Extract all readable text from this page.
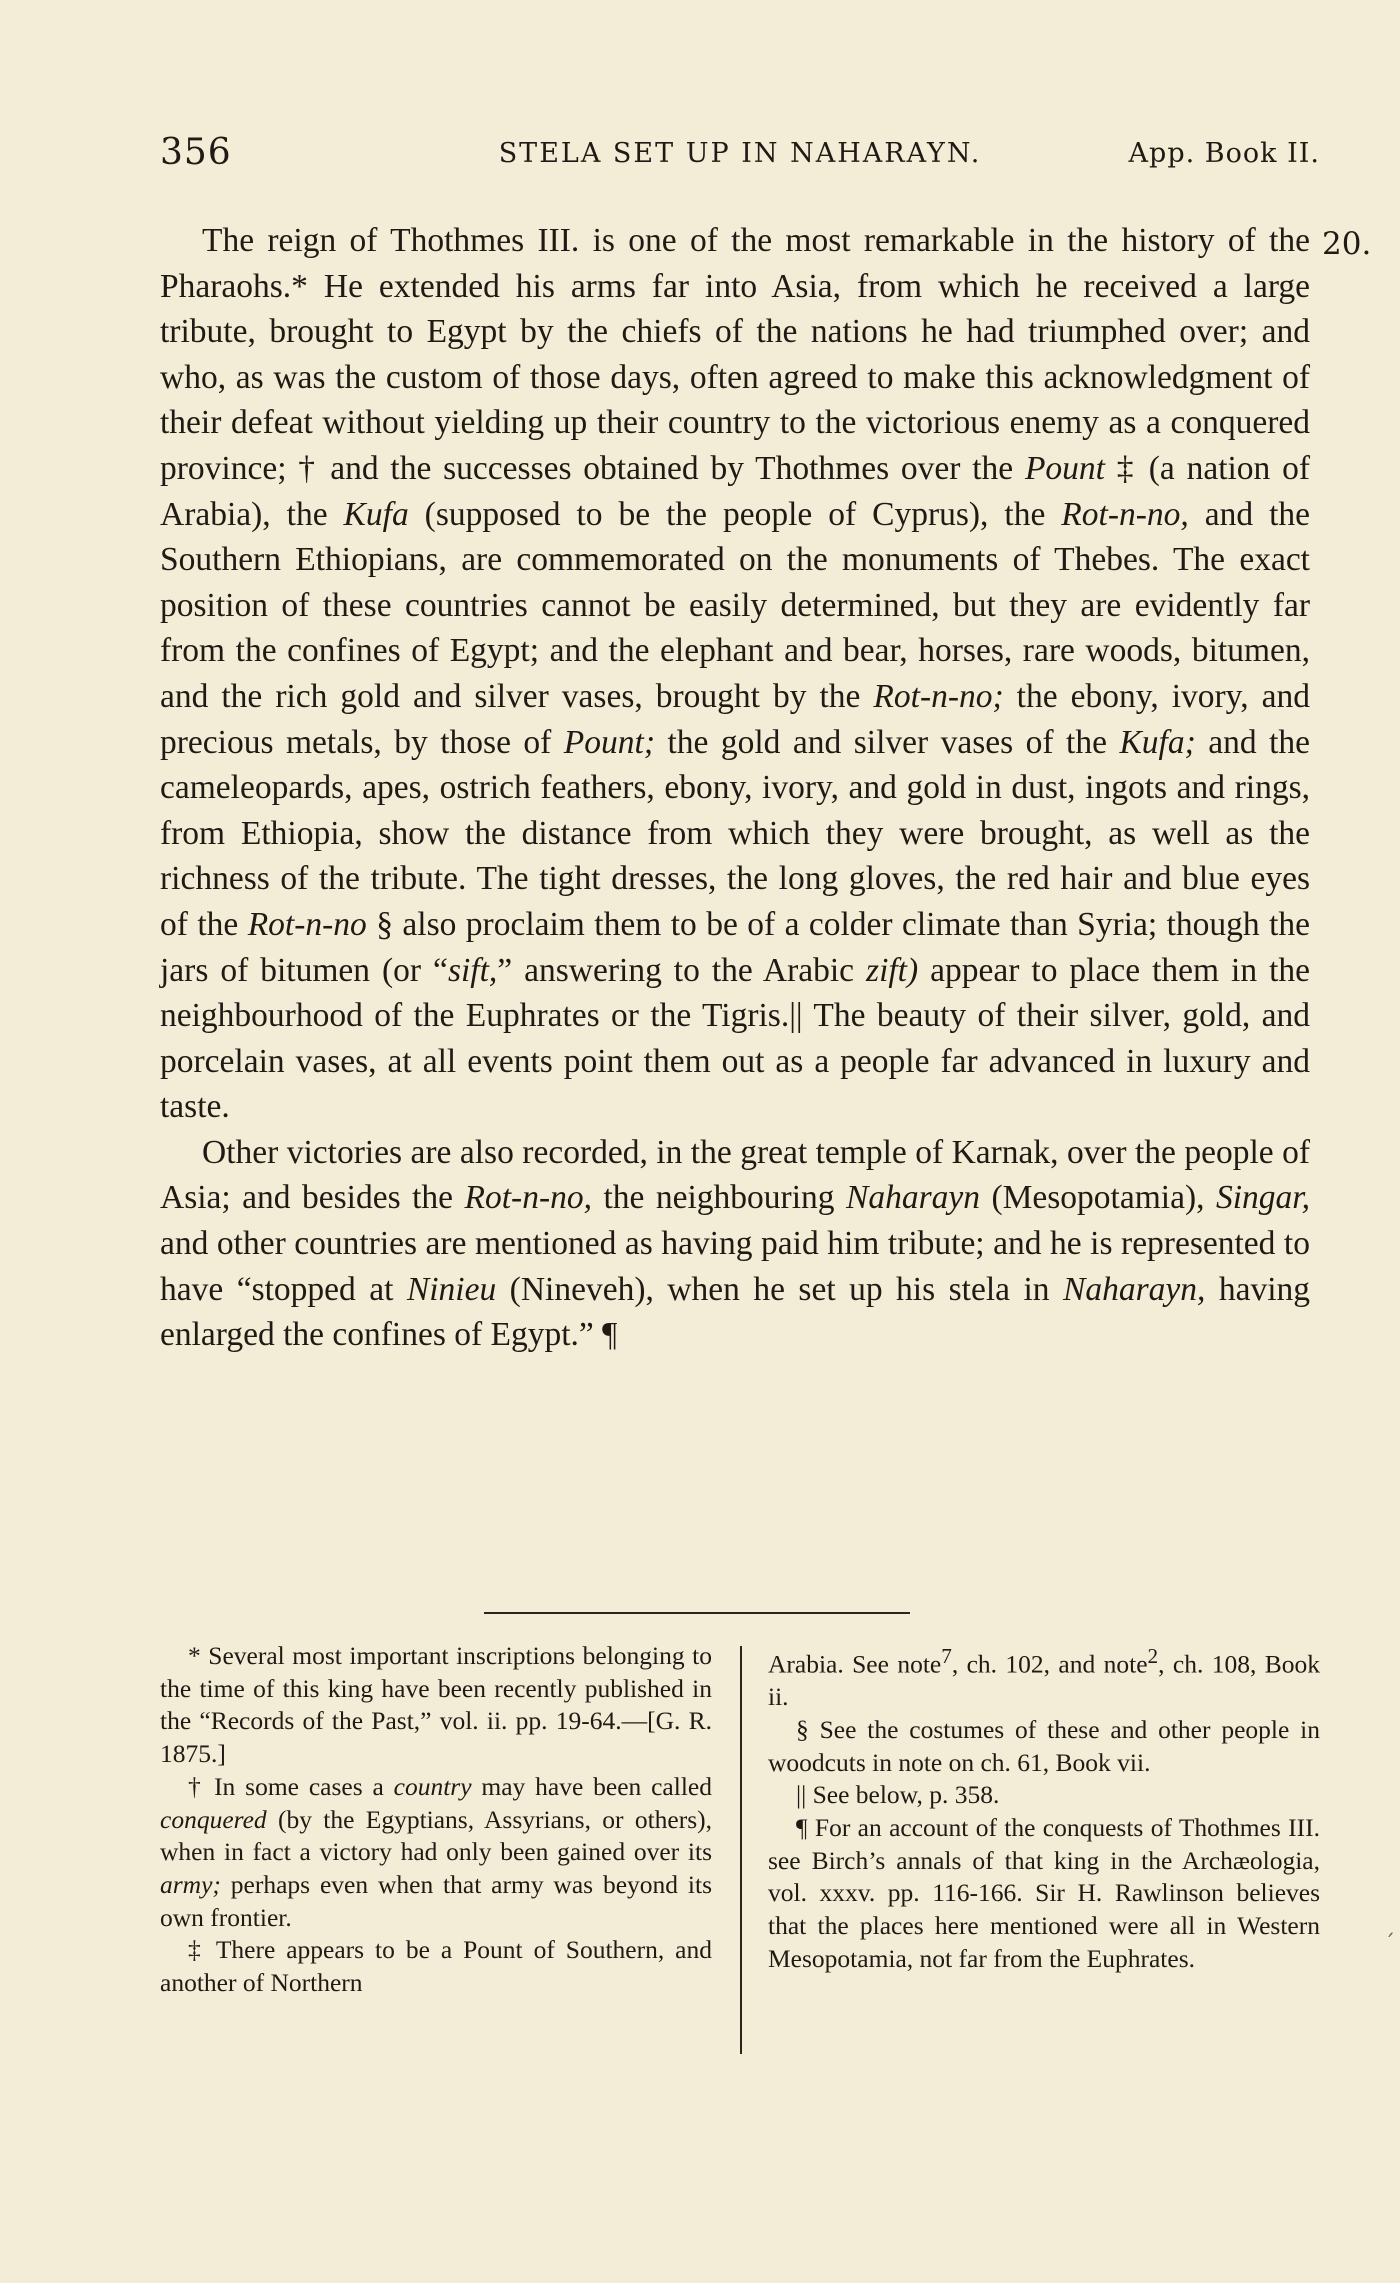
356	STELA SET UP IN NAHARAYN.	App. Book II.
20.

The reign of Thothmes III. is one of the most remarkable in the history of the Pharaohs.* He extended his arms far into Asia, from which he received a large tribute, brought to Egypt by the chiefs of the nations he had triumphed over; and who, as was the custom of those days, often agreed to make this acknowledgment of their defeat without yielding up their country to the victorious enemy as a conquered province; † and the successes obtained by Thothmes over the Pount ‡ (a nation of Arabia), the Kufa (supposed to be the people of Cyprus), the Rot-n-no, and the Southern Ethiopians, are commemorated on the monuments of Thebes. The exact position of these countries cannot be easily determined, but they are evidently far from the confines of Egypt; and the elephant and bear, horses, rare woods, bitumen, and the rich gold and silver vases, brought by the Rot-n-no; the ebony, ivory, and precious metals, by those of Pount; the gold and silver vases of the Kufa; and the cameleopards, apes, ostrich feathers, ebony, ivory, and gold in dust, ingots and rings, from Ethiopia, show the distance from which they were brought, as well as the richness of the tribute. The tight dresses, the long gloves, the red hair and blue eyes of the Rot-n-no § also proclaim them to be of a colder climate than Syria; though the jars of bitumen (or “sift,” answering to the Arabic zift) appear to place them in the neighbourhood of the Euphrates or the Tigris.|| The beauty of their silver, gold, and porcelain vases, at all events point them out as a people far advanced in luxury and taste.

Other victories are also recorded, in the great temple of Karnak, over the people of Asia; and besides the Rot-n-no, the neighbouring Naharayn (Mesopotamia), Singar, and other countries are mentioned as having paid him tribute; and he is represented to have “stopped at Ninieu (Nineveh), when he set up his stela in Naharayn, having enlarged the confines of Egypt.” ¶

* Several most important inscriptions belonging to the time of this king have been recently published in the “Records of the Past,” vol. ii. pp. 19-64.—[G. R. 1875.]

† In some cases a country may have been called conquered (by the Egyptians, Assyrians, or others), when in fact a victory had only been gained over its army; perhaps even when that army was beyond its own frontier.

‡ There appears to be a Pount of Southern, and another of Northern

Arabia. See note$^7$, ch. 102, and note$^2$, ch. 108, Book ii.

§ See the costumes of these and other people in woodcuts in note on ch. 61, Book vii.

|| See below, p. 358.

¶ For an account of the conquests of Thothmes III. see Birch’s annals of that king in the Archæologia, vol. xxxv. pp. 116-166. Sir H. Rawlinson believes that the places here mentioned were all in Western Mesopotamia, not far from the Euphrates.	´
